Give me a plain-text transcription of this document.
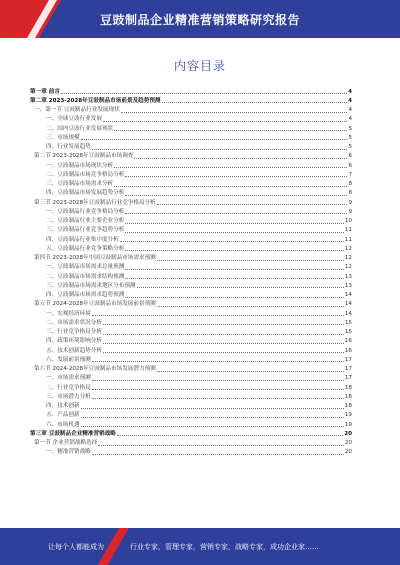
豆豉制品企业精准营销策略研究报告
内容目录
第一章 前言	4
第二章 2023-2028年豆豉制品市场前景及趋势预测	4
一、第一节 豆豉制品行业发展现状	4
一、全球豆豉行业发展	4
二、国内豆豉行业发展现状	5
三、市场规模	5
四、行业发展趋势	5
第二节 2023-2028年豆豉制品市场调查	6
一、豆豉制品市场现状分析	6
二、豆豉制品市场竞争格局分析	7
三、豆豉制品市场需求分析	8
四、豆豉制品市场发展趋势分析	8
第三节 2023-2028年豆豉制品行业竞争格局分析	9
一、豆豉制品行业竞争格局分析	9
二、豆豉制品行业主要企业分析	10
三、豆豉制品行业竞争趋势分析	11
四、豆豉制品行业集中度分析	11
五、豆豉制品行业竞争策略分析	12
第四节 2023-2028年中国豆豉制品市场需求预测	12
一、豆豉制品市场需求总量预测	12
二、豆豉制品市场需求结构预测	13
三、豆豉制品市场需求地区分布预测	13
四、豆豉制品市场需求趋势预测	14
第五节 2024-2028年豆豉制品市场发展前景预测	14
一、宏观经济环境	14
二、市场需求状况分析	15
三、行业竞争格局分析	15
四、政策环境影响分析	16
五、技术创新趋势分析	16
六、发展前景预测	17
第六节 2024-2028年豆豉制品市场发展潜力预测	17
一、市场需求预测	17
二、行业竞争格局	18
三、市场潜力分析	18
四、技术创新	18
五、产品创新	19
六、市场机遇	19
第三章 豆豉制品企业精准营销战略	20
第一节 企业营销战略选择	20
一、精准营销战略	20
让每个人都能成为	行业专家，管理专家，营销专家，战略专家，成功企业家……
